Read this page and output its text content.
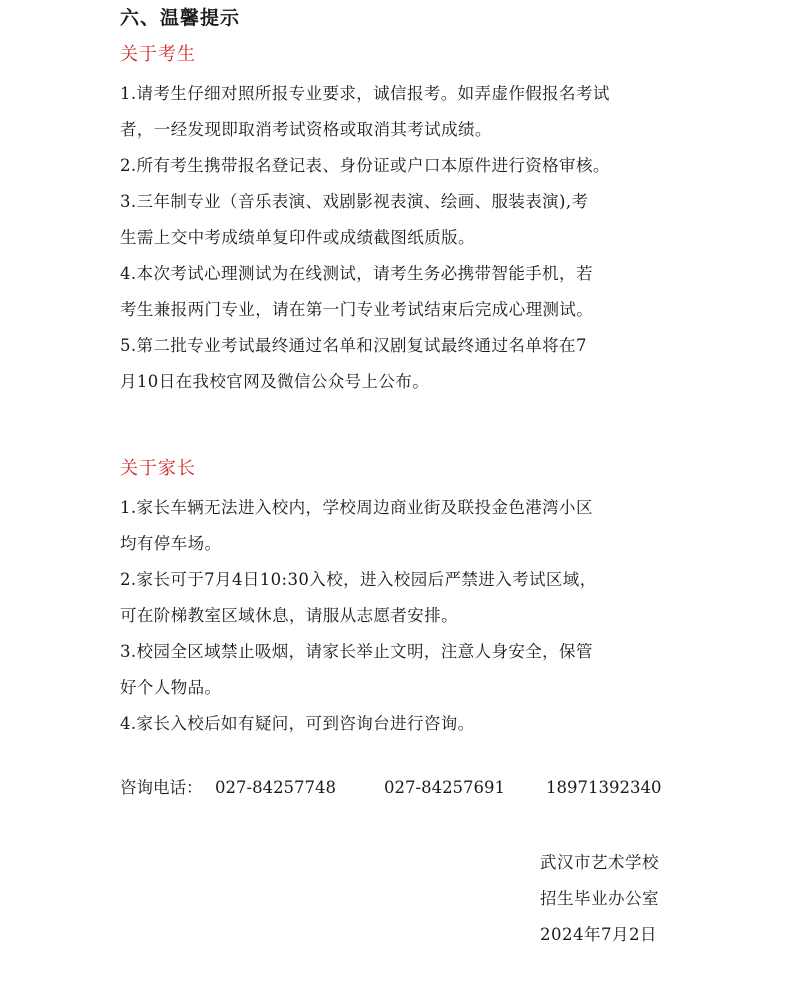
六、温馨提示
关于考生
1.请考生仔细对照所报专业要求，诚信报考。如弄虚作假报名考试
者，一经发现即取消考试资格或取消其考试成绩。
2.所有考生携带报名登记表、身份证或户口本原件进行资格审核。
3.三年制专业（音乐表演、戏剧影视表演、绘画、服装表演),考
生需上交中考成绩单复印件或成绩截图纸质版。
4.本次考试心理测试为在线测试，请考生务必携带智能手机，若
考生兼报两门专业，请在第一门专业考试结束后完成心理测试。
5.第二批专业考试最终通过名单和汉剧复试最终通过名单将在7
月10日在我校官网及微信公众号上公布。
关于家长
1.家长车辆无法进入校内，学校周边商业街及联投金色港湾小区
均有停车场。
2.家长可于7月4日10:30入校，进入校园后严禁进入考试区域，
可在阶梯教室区域休息，请服从志愿者安排。
3.校园全区域禁止吸烟，请家长举止文明，注意人身安全，保管
好个人物品。
4.家长入校后如有疑问，可到咨询台进行咨询。
咨询电话： 027-84257748	027-84257691 18971392340
武汉市艺术学校
招生毕业办公室
2024年7月2日
